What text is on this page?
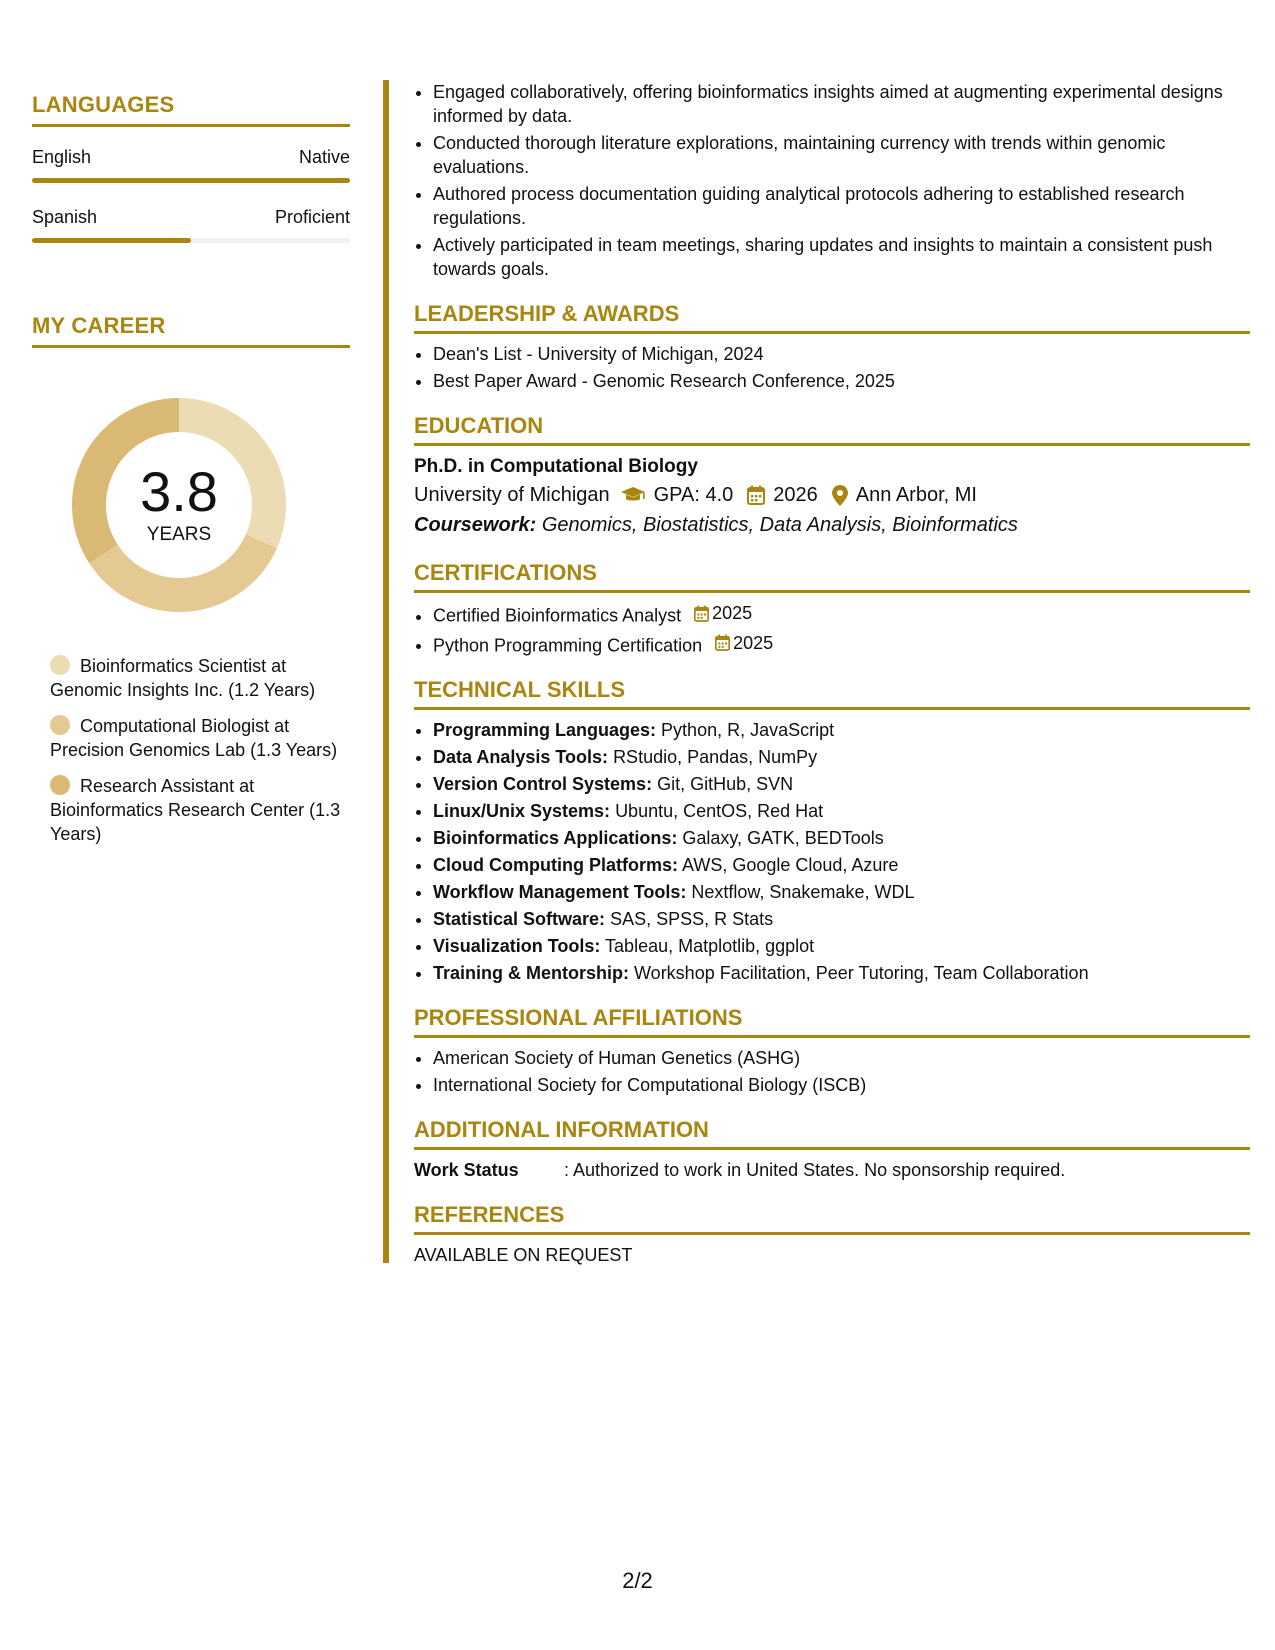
LANGUAGES
English	Native
Spanish	Proficient
MY CAREER
3.8
YEARS
Bioinformatics Scientist at Genomic Insights Inc. (1.2 Years)
Computational Biologist at Precision Genomics Lab (1.3 Years)
Research Assistant at Bioinformatics Research Center (1.3 Years)
• Engaged collaboratively, offering bioinformatics insights aimed at augmenting experimental designs informed by data.
• Conducted thorough literature explorations, maintaining currency with trends within genomic evaluations.
• Authored process documentation guiding analytical protocols adhering to established research regulations.
• Actively participated in team meetings, sharing updates and insights to maintain a consistent push towards goals.
LEADERSHIP & AWARDS
• Dean's List - University of Michigan, 2024
• Best Paper Award - Genomic Research Conference, 2025
EDUCATION
Ph.D. in Computational Biology
University of Michigan GPA: 4.0 2026 Ann Arbor, MI
Coursework: Genomics, Biostatistics, Data Analysis, Bioinformatics
CERTIFICATIONS
• Certified Bioinformatics Analyst 2025
• Python Programming Certification 2025
TECHNICAL SKILLS
• Programming Languages: Python, R, JavaScript
• Data Analysis Tools: RStudio, Pandas, NumPy
• Version Control Systems: Git, GitHub, SVN
• Linux/Unix Systems: Ubuntu, CentOS, Red Hat
• Bioinformatics Applications: Galaxy, GATK, BEDTools
• Cloud Computing Platforms: AWS, Google Cloud, Azure
• Workflow Management Tools: Nextflow, Snakemake, WDL
• Statistical Software: SAS, SPSS, R Stats
• Visualization Tools: Tableau, Matplotlib, ggplot
• Training & Mentorship: Workshop Facilitation, Peer Tutoring, Team Collaboration
PROFESSIONAL AFFILIATIONS
• American Society of Human Genetics (ASHG)
• International Society for Computational Biology (ISCB)
ADDITIONAL INFORMATION
Work Status	: Authorized to work in United States. No sponsorship required.
REFERENCES
AVAILABLE ON REQUEST
2/2
